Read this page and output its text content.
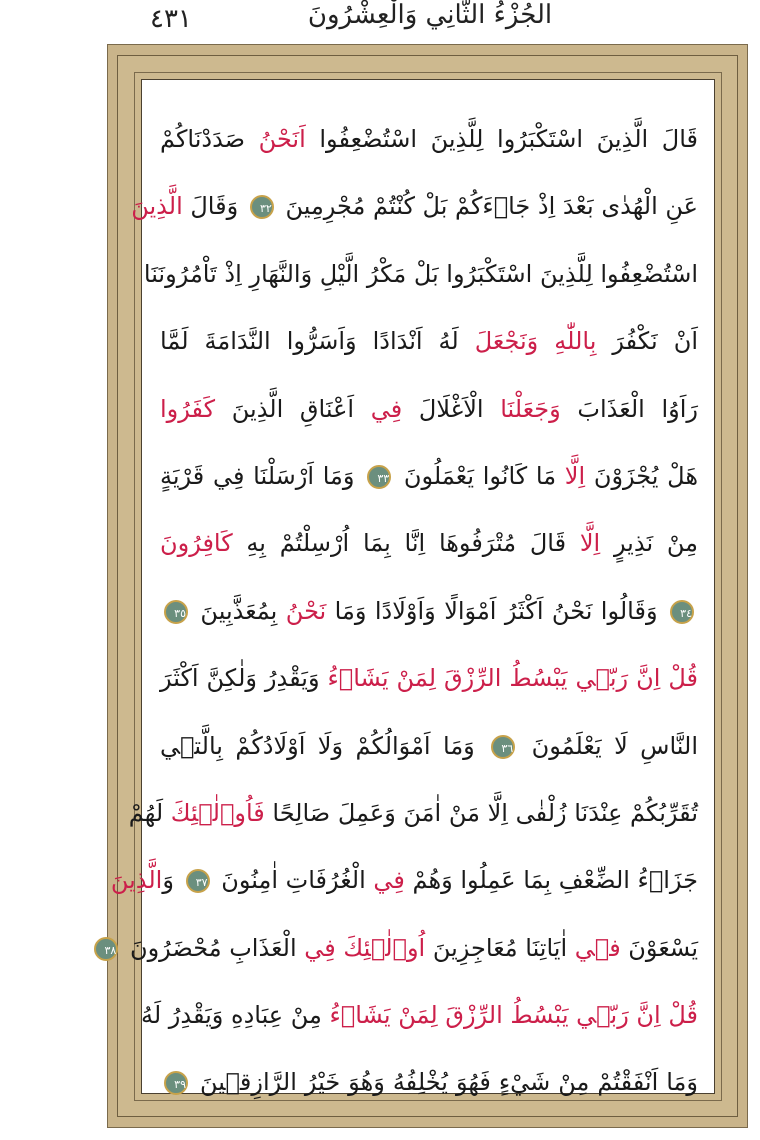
٤٣١	الجُزْءُ الثَّانِي وَالْعِشْرُونَ
قَالَ الَّذِينَ اسْتَكْبَرُوا لِلَّذِينَ اسْتُضْعِفُوا اَنَحْنُ صَدَدْنَاكُمْ
عَنِ الْهُدٰى بَعْدَ اِذْ جَاۤءَكُمْ بَلْ كُنْتُمْ مُجْرِمِينَ ٣٢ وَقَالَ الَّذِينَ
اسْتُضْعِفُوا لِلَّذِينَ اسْتَكْبَرُوا بَلْ مَكْرُ الَّيْلِ وَالنَّهَارِ اِذْ تَاْمُرُونَنَا
اَنْ نَكْفُرَ بِاللّٰهِ وَنَجْعَلَ لَهُ اَنْدَادًا وَاَسَرُّوا النَّدَامَةَ لَمَّا
رَاَوُا الْعَذَابَ وَجَعَلْنَا الْاَغْلَالَ فِي اَعْنَاقِ الَّذِينَ كَفَرُوا
هَلْ يُجْزَوْنَ اِلَّا مَا كَانُوا يَعْمَلُونَ ٣٣ وَمَا اَرْسَلْنَا فِي قَرْيَةٍ
مِنْ نَذِيرٍ اِلَّا قَالَ مُتْرَفُوهَا اِنَّا بِمَا اُرْسِلْتُمْ بِهِ كَافِرُونَ
٣٤ وَقَالُوا نَحْنُ اَكْثَرُ اَمْوَالًا وَاَوْلَادًا وَمَا نَحْنُ بِمُعَذَّبِينَ ٣٥
قُلْ اِنَّ رَبّ۪ي يَبْسُطُ الرِّزْقَ لِمَنْ يَشَاۤءُ وَيَقْدِرُ وَلٰكِنَّ اَكْثَرَ
النَّاسِ لَا يَعْلَمُونَ ٣٦ وَمَا اَمْوَالُكُمْ وَلَا اَوْلَادُكُمْ بِالَّت۪ي
تُقَرِّبُكُمْ عِنْدَنَا زُلْفٰى اِلَّا مَنْ اٰمَنَ وَعَمِلَ صَالِحًا فَاُو۬لٰۤئِكَ لَهُمْ
جَزَاۤءُ الضِّعْفِ بِمَا عَمِلُوا وَهُمْ فِي الْغُرُفَاتِ اٰمِنُونَ ٣٧ وَالَّذِينَ
يَسْعَوْنَ ف۪ي اٰيَاتِنَا مُعَاجِزِينَ اُو۬لٰۤئِكَ فِي الْعَذَابِ مُحْضَرُونَ ٣٨
قُلْ اِنَّ رَبّ۪ي يَبْسُطُ الرِّزْقَ لِمَنْ يَشَاۤءُ مِنْ عِبَادِهِ وَيَقْدِرُ لَهُ
وَمَا اَنْفَقْتُمْ مِنْ شَيْءٍ فَهُوَ يُخْلِفُهُ وَهُوَ خَيْرُ الرَّازِق۪ينَ ٣٩
